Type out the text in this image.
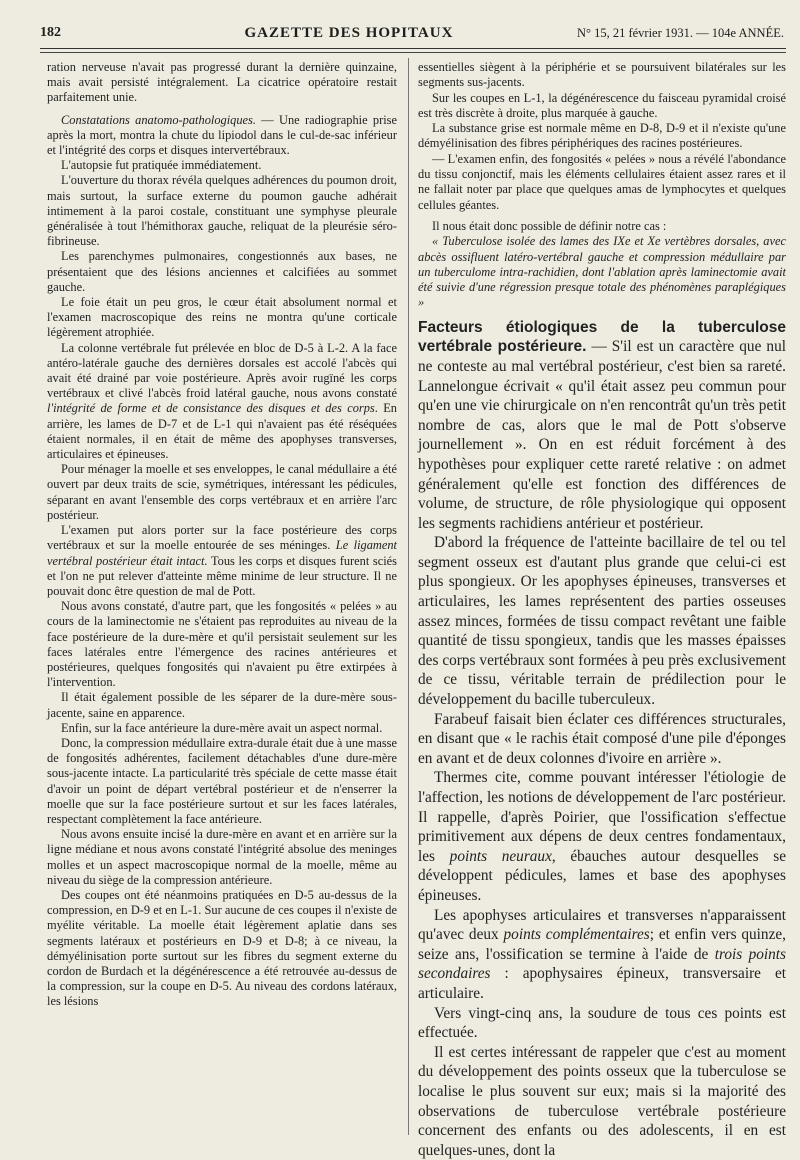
182	GAZETTE DES HOPITAUX	N° 15, 21 février 1931. — 104e ANNÉE.

ration nerveuse n'avait pas progressé durant la dernière quinzaine, mais avait persisté intégralement. La cicatrice opératoire restait parfaitement unie.

Constatations anatomo-pathologiques. — Une radiographie prise après la mort, montra la chute du lipiodol dans le cul-de-sac inférieur et l'intégrité des corps et disques intervertébraux.

L'autopsie fut pratiquée immédiatement.

L'ouverture du thorax révéla quelques adhérences du poumon droit, mais surtout, la surface externe du poumon gauche adhérait intimement à la paroi costale, constituant une symphyse pleurale généralisée à tout l'hémithorax gauche, reliquat de la pleurésie séro-fibrineuse.

Les parenchymes pulmonaires, congestionnés aux bases, ne présentaient que des lésions anciennes et calcifiées au sommet gauche.

Le foie était un peu gros, le cœur était absolument normal et l'examen macroscopique des reins ne montra qu'une corticale légèrement atrophiée.

La colonne vertébrale fut prélevée en bloc de D-5 à L-2. A la face antéro-latérale gauche des dernières dorsales est accolé l'abcès qui avait été drainé par voie postérieure. Après avoir rugïné les corps vertébraux et clivé l'abcès froid latéral gauche, nous avons constaté l'intégrité de forme et de consistance des disques et des corps. En arrière, les lames de D-7 et de L-1 qui n'avaient pas été réséquées étaient normales, il en était de même des apophyses transverses, articulaires et épineuses.

Pour ménager la moelle et ses enveloppes, le canal médullaire a été ouvert par deux traits de scie, symétriques, intéressant les pédicules, séparant en avant l'ensemble des corps vertébraux et en arrière l'arc postérieur.

L'examen put alors porter sur la face postérieure des corps vertébraux et sur la moelle entourée de ses méninges. Le ligament vertébral postérieur était intact. Tous les corps et disques furent sciés et l'on ne put relever d'atteinte même minime de leur structure. Il ne pouvait donc être question de mal de Pott.

Nous avons constaté, d'autre part, que les fongosités « pelées » au cours de la laminectomie ne s'étaient pas reproduites au niveau de la face postérieure de la dure-mère et qu'il persistait seulement sur les faces latérales entre l'émergence des racines antérieures et postérieures, quelques fongosités qui n'avaient pu être extirpées à l'intervention.

Il était également possible de les séparer de la dure-mère sous-jacente, saine en apparence.

Enfin, sur la face antérieure la dure-mère avait un aspect normal.

Donc, la compression médullaire extra-durale était due à une masse de fongosités adhérentes, facilement détachables d'une dure-mère sous-jacente intacte. La particularité très spéciale de cette masse était d'avoir un point de départ vertébral postérieur et de n'enserrer la moelle que sur la face postérieure surtout et sur les faces latérales, respectant complètement la face antérieure.

Nous avons ensuite incisé la dure-mère en avant et en arrière sur la ligne médiane et nous avons constaté l'intégrité absolue des meninges molles et un aspect macroscopique normal de la moelle, même au niveau du siège de la compression antérieure.

Des coupes ont été néanmoins pratiquées en D-5 au-dessus de la compression, en D-9 et en L-1. Sur aucune de ces coupes il n'existe de myélite véritable. La moelle était légèrement aplatie dans ses segments latéraux et postérieurs en D-9 et D-8; à ce niveau, la démyélinisation porte surtout sur les fibres du segment externe du cordon de Burdach et la dégénérescence a été retrouvée au-dessus de la compression, sur la coupe en D-5. Au niveau des cordons latéraux, les lésions

essentielles siègent à la périphérie et se poursuivent bilatérales sur les segments sus-jacents.

Sur les coupes en L-1, la dégénérescence du faisceau pyramidal croisé est très discrète à droite, plus marquée à gauche.

La substance grise est normale même en D-8, D-9 et il n'existe qu'une démyélinisation des fibres périphériques des racines postérieures.

— L'examen enfin, des fongosités « pelées » nous a révélé l'abondance du tissu conjonctif, mais les éléments cellulaires étaient assez rares et il ne fallait noter par place que quelques amas de lymphocytes et quelques cellules géantes.

Il nous était donc possible de définir notre cas :

« Tuberculose isolée des lames des IXe et Xe vertèbres dorsales, avec abcès ossifluent latéro-vertébral gauche et compression médullaire par un tuberculome intra-rachidien, dont l'ablation après laminectomie avait été suivie d'une régression presque totale des phénomènes paraplégiques »

Facteurs étiologiques de la tuberculose vertébrale postérieure. — S'il est un caractère que nul ne conteste au mal vertébral postérieur, c'est bien sa rareté. Lannelongue écrivait « qu'il était assez peu commun pour qu'en une vie chirurgicale on n'en rencontrât qu'un très petit nombre de cas, alors que le mal de Pott s'observe journellement ». On en est réduit forcément à des hypothèses pour expliquer cette rareté relative : on admet généralement qu'elle est fonction des différences de volume, de structure, de rôle physiologique qui opposent les segments rachidiens antérieur et postérieur.

D'abord la fréquence de l'atteinte bacillaire de tel ou tel segment osseux est d'autant plus grande que celui-ci est plus spongieux. Or les apophyses épineuses, transverses et articulaires, les lames représentent des parties osseuses assez minces, formées de tissu compact revêtant une faible quantité de tissu spongieux, tandis que les masses épaisses des corps vertébraux sont formées à peu près exclusivement de ce tissu, véritable terrain de prédilection pour le développement du bacille tuberculeux.

Farabeuf faisait bien éclater ces différences structurales, en disant que « le rachis était composé d'une pile d'éponges en avant et de deux colonnes d'ivoire en arrière ».

Thermes cite, comme pouvant intéresser l'étiologie de l'affection, les notions de développement de l'arc postérieur. Il rappelle, d'après Poirier, que l'ossification s'effectue primitivement aux dépens de deux centres fondamentaux, les points neuraux, ébauches autour desquelles se développent pédicules, lames et base des apophyses épineuses.

Les apophyses articulaires et transverses n'apparaissent qu'avec deux points complémentaires; et enfin vers quinze, seize ans, l'ossification se termine à l'aide de trois points secondaires : apophysaires épineux, transversaire et articulaire.

Vers vingt-cinq ans, la soudure de tous ces points est effectuée.

Il est certes intéressant de rappeler que c'est au moment du développement des points osseux que la tuberculose se localise le plus souvent sur eux; mais si la majorité des observations de tuberculose vertébrale postérieure concernent des enfants ou des adolescents, il en est quelques-unes, dont la
